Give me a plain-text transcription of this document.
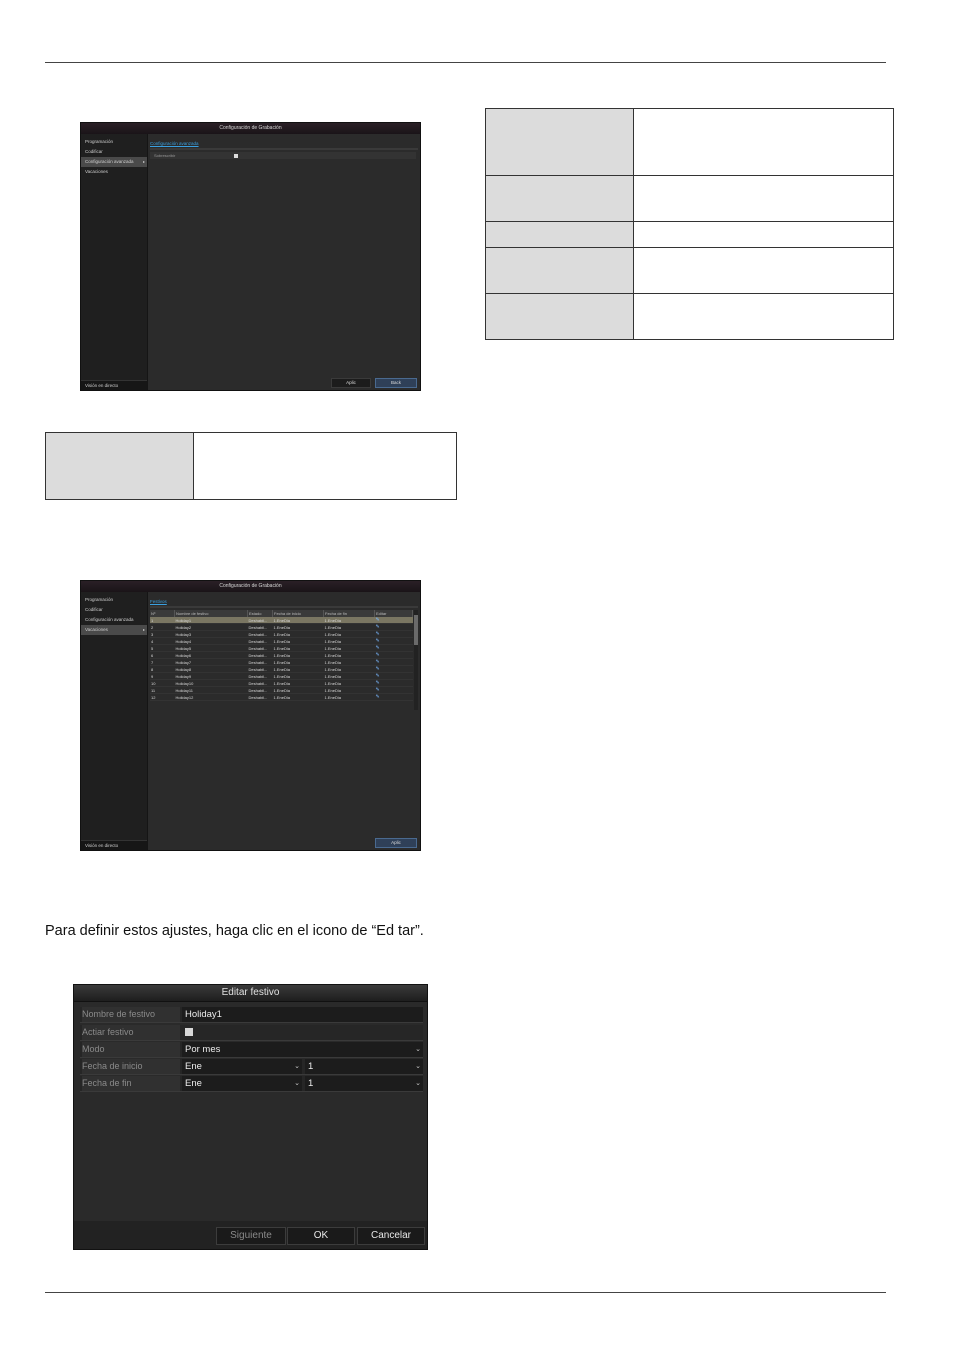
Configuración de Grabación
Programación
Codificar
Configuración avanzada ▸
Vacaciones
Visión en directo
Configuración avanzada
Sobrescribir
Aplic	Back

Configuración de Grabación
Programación
Codificar
Configuración avanzada
Vacaciones ▸
Visión en directo
Festivos
Nº	Nombre de festivo	Estado	Fecha de inicio	Fecha de fin	Editar
1	Holiday1	Deshabil...	1.EneDia	1.EneDia	✎
2	Holiday2	Deshabil...	1.EneDia	1.EneDia	✎
3	Holiday3	Deshabil...	1.EneDia	1.EneDia	✎
4	Holiday4	Deshabil...	1.EneDia	1.EneDia	✎
5	Holiday5	Deshabil...	1.EneDia	1.EneDia	✎
6	Holiday6	Deshabil...	1.EneDia	1.EneDia	✎
7	Holiday7	Deshabil...	1.EneDia	1.EneDia	✎
8	Holiday8	Deshabil...	1.EneDia	1.EneDia	✎
9	Holiday9	Deshabil...	1.EneDia	1.EneDia	✎
10	Holiday10	Deshabil...	1.EneDia	1.EneDia	✎
11	Holiday11	Deshabil...	1.EneDia	1.EneDia	✎
12	Holiday12	Deshabil...	1.EneDia	1.EneDia	✎
Aplic
Para definir estos ajustes, haga clic en el icono de “Ed tar”.
Editar festivo
Nombre de festivo	Holiday1
Actiar festivo
Modo	Por mes	⌄
Fecha de inicio	Ene	⌄ 1	⌄
Fecha de fin	Ene	⌄ 1	⌄
Siguiente	OK	Cancelar
